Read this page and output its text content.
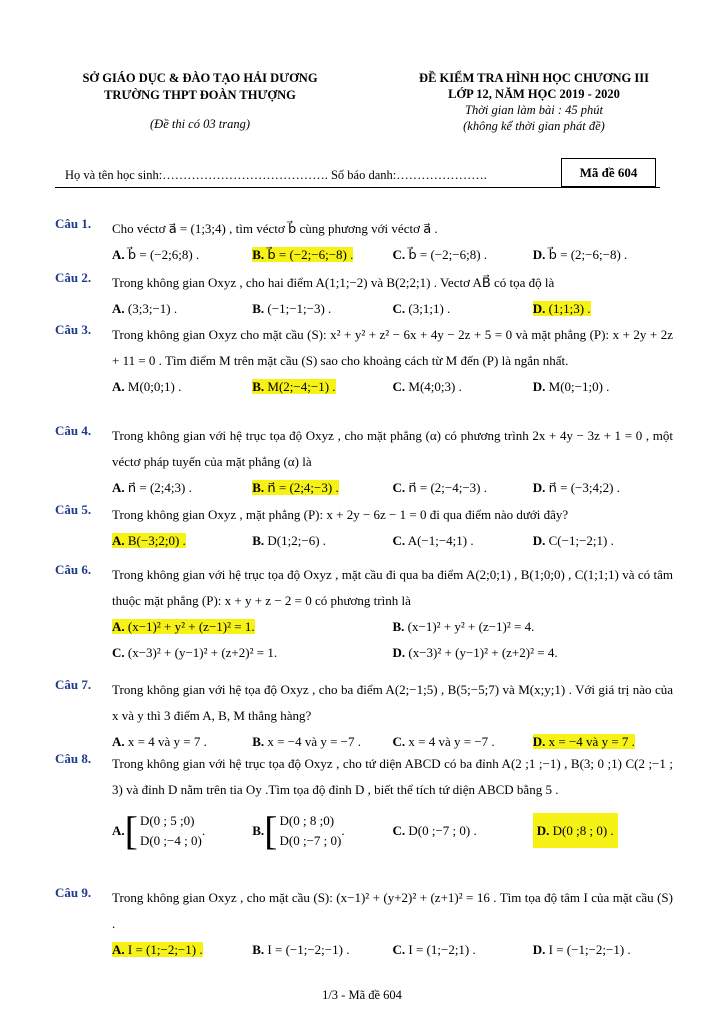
SỞ GIÁO DỤC & ĐÀO TẠO HẢI DƯƠNG
TRƯỜNG THPT ĐOÀN THƯỢNG
(Đề thi có 03 trang)
ĐỀ KIỂM TRA HÌNH HỌC CHƯƠNG III
LỚP 12, NĂM HỌC 2019 - 2020
Thời gian làm bài : 45 phút
(không kể thời gian phát đề)
Họ và tên học sinh:…………………………………. Số báo danh:………………….	Mã đề 604
Câu 1.	Cho véctơ a⃗ = (1;3;4) , tìm véctơ b⃗ cùng phương với véctơ a⃗ .
A. b⃗ = (−2;6;8) .	B. b⃗ = (−2;−6;−8) .	C. b⃗ = (−2;−6;8) .	D. b⃗ = (2;−6;−8) .
Câu 2.	Trong không gian Oxyz , cho hai điểm A(1;1;−2) và B(2;2;1) . Vectơ AB⃗ có tọa độ là
A. (3;3;−1) .	B. (−1;−1;−3) .	C. (3;1;1) .	D. (1;1;3) .
Câu 3.	Trong không gian Oxyz cho mặt cầu (S): x² + y² + z² − 6x + 4y − 2z + 5 = 0 và mặt phẳng (P): x + 2y + 2z + 11 = 0 . Tìm điểm M trên mặt cầu (S) sao cho khoảng cách từ M đến (P) là ngắn nhất.
A. M(0;0;1) .	B. M(2;−4;−1) .	C. M(4;0;3) .	D. M(0;−1;0) .
Câu 4.	Trong không gian với hệ trục tọa độ Oxyz , cho mặt phẳng (α) có phương trình 2x + 4y − 3z + 1 = 0 , một véctơ pháp tuyến của mặt phẳng (α) là
A. n⃗ = (2;4;3) .	B. n⃗ = (2;4;−3) .	C. n⃗ = (2;−4;−3) .	D. n⃗ = (−3;4;2) .
Câu 5.	Trong không gian Oxyz , mặt phẳng (P): x + 2y − 6z − 1 = 0 đi qua điểm nào dưới đây?
A. B(−3;2;0) .	B. D(1;2;−6) .	C. A(−1;−4;1) .	D. C(−1;−2;1) .
Câu 6.	Trong không gian với hệ trục tọa độ Oxyz , mặt cầu đi qua ba điểm A(2;0;1) , B(1;0;0) , C(1;1;1) và có tâm thuộc mặt phẳng (P): x + y + z − 2 = 0 có phương trình là
A. (x−1)² + y² + (z−1)² = 1.	B. (x−1)² + y² + (z−1)² = 4.
C. (x−3)² + (y−1)² + (z+2)² = 1.	D. (x−3)² + (y−1)² + (z+2)² = 4.
Câu 7.	Trong không gian với hệ tọa độ Oxyz , cho ba điểm A(2;−1;5) , B(5;−5;7) và M(x;y;1) . Với giá trị nào của x và y thì 3 điểm A, B, M thẳng hàng?
A. x = 4 và y = 7 .	B. x = −4 và y = −7 .	C. x = 4 và y = −7 .	D. x = −4 và y = 7 .
Câu 8.	Trong không gian với hệ trục tọa độ Oxyz , cho tứ diện ABCD có ba đỉnh A(2 ;1 ;−1) , B(3; 0 ;1) C(2 ;−1 ; 3) và đỉnh D nằm trên tia Oy .Tìm tọa độ đỉnh D , biết thể tích tứ diện ABCD bằng 5 .
A. [ D(0 ; 5 ;0)
D(0 ;−4 ; 0)
.	B. [ D(0 ; 8 ;0)
D(0 ;−7 ; 0)
.	C. D(0 ;−7 ; 0) .	D. D(0 ;8 ; 0) .
Câu 9.	Trong không gian Oxyz , cho mặt cầu (S): (x−1)² + (y+2)² + (z+1)² = 16 . Tìm tọa độ tâm I của mặt cầu (S) .
A. I = (1;−2;−1) .	B. I = (−1;−2;−1) .	C. I = (1;−2;1) .	D. I = (−1;−2;−1) .
1/3 - Mã đề 604
